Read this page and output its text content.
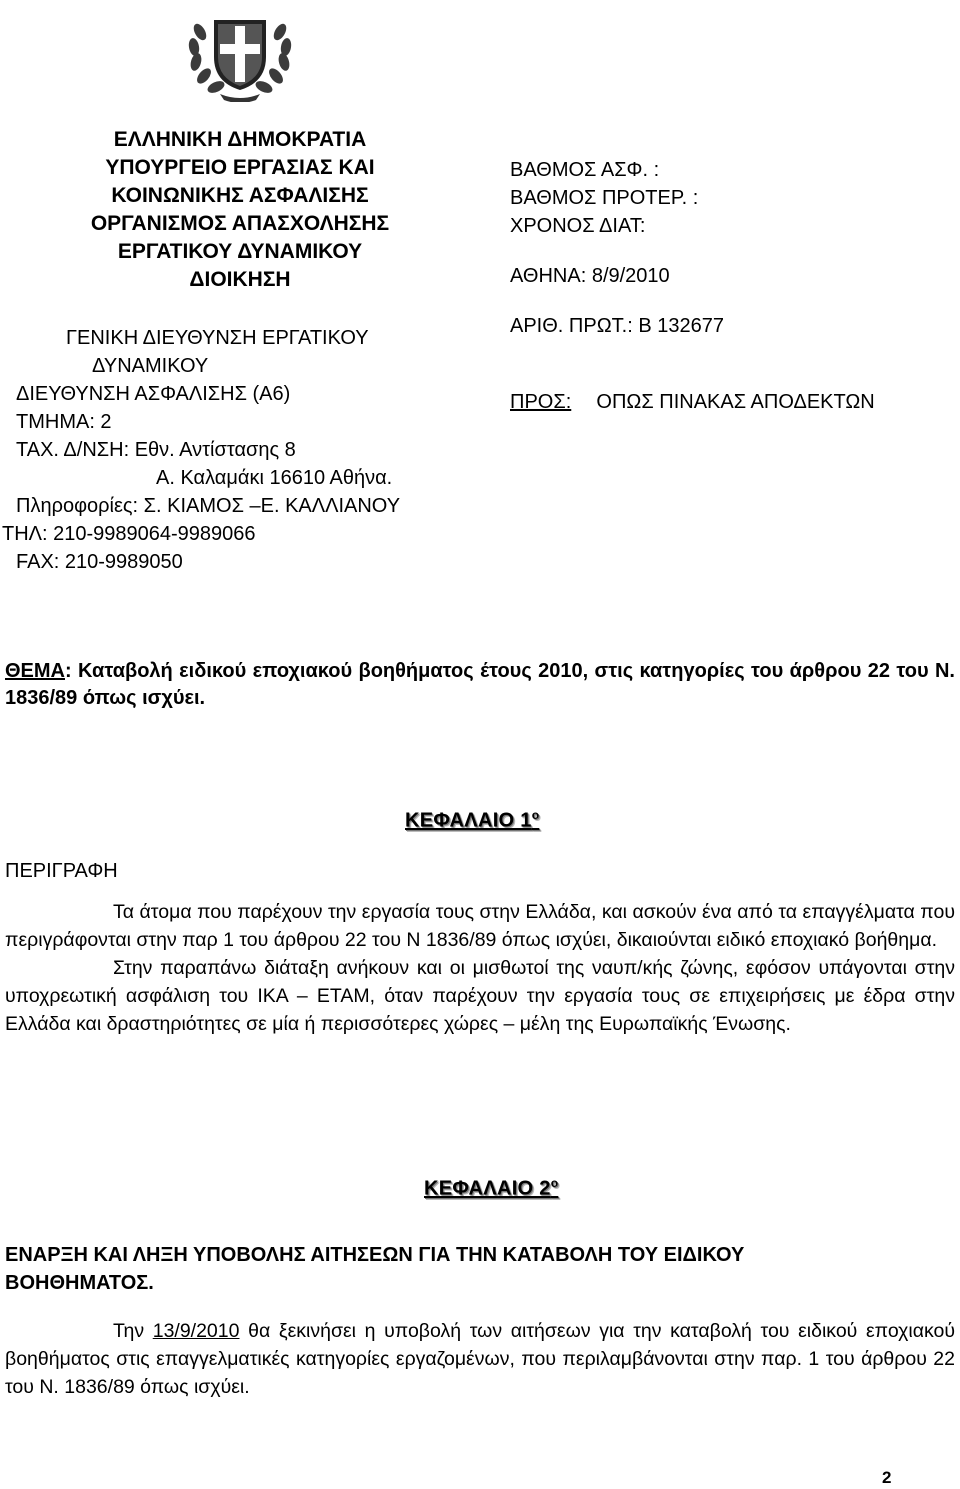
ΕΛΛΗΝΙΚΗ ΔΗΜΟΚΡΑΤΙΑ
ΥΠΟΥΡΓΕΙΟ ΕΡΓΑΣΙΑΣ ΚΑΙ
ΚΟΙΝΩΝΙΚΗΣ ΑΣΦΑΛΙΣΗΣ
ΟΡΓΑΝΙΣΜΟΣ ΑΠΑΣΧΟΛΗΣΗΣ
ΕΡΓΑΤΙΚΟΥ ΔΥΝΑΜΙΚΟΥ
ΔΙΟΙΚΗΣΗ
ΓΕΝΙΚΗ ΔΙΕΥΘΥΝΣΗ ΕΡΓΑΤΙΚΟΥ
ΔΥΝΑΜΙΚΟΥ
ΔΙΕΥΘΥΝΣΗ ΑΣΦΑΛΙΣΗΣ (Α6)
ΤΜΗΜΑ: 2
ΤΑΧ. Δ/ΝΣΗ: Εθν. Αντίστασης 8
Α. Καλαμάκι 16610 Αθήνα.
Πληροφορίες: Σ. ΚΙΑΜΟΣ –Ε. ΚΑΛΛΙΑΝΟΥ
ΤΗΛ: 210-9989064-9989066
FAX: 210-9989050
ΒΑΘΜΟΣ ΑΣΦ. :
ΒΑΘΜΟΣ ΠΡΟΤΕΡ. :
ΧΡΟΝΟΣ ΔΙΑΤ:
ΑΘΗΝΑ: 8/9/2010
ΑΡΙΘ. ΠΡΩΤ.: Β 132677
ΠΡΟΣ: ΟΠΩΣ ΠΙΝΑΚΑΣ ΑΠΟΔΕΚΤΩΝ
ΘΕΜΑ: Καταβολή ειδικού εποχιακού βοηθήματος έτους 2010, στις κατηγορίες του άρθρου 22 του Ν. 1836/89 όπως ισχύει.
ΚΕΦΑΛΑΙΟ $1^o$
ΠΕΡΙΓΡΑΦΗ

Τα άτομα που παρέχουν την εργασία τους στην Ελλάδα, και ασκούν ένα από τα επαγγέλματα που περιγράφονται στην παρ 1 του άρθρου 22 του Ν 1836/89 όπως ισχύει, δικαιούνται ειδικό εποχιακό βοήθημα.

Στην παραπάνω διάταξη ανήκουν και οι μισθωτοί της ναυπ/κής ζώνης, εφόσον υπάγονται στην υποχρεωτική ασφάλιση του ΙΚΑ – ΕΤΑΜ, όταν παρέχουν την εργασία τους σε επιχειρήσεις με έδρα στην Ελλάδα και δραστηριότητες σε μία ή περισσότερες χώρες – μέλη της Ευρωπαϊκής Ένωσης.

ΚΕΦΑΛΑΙΟ $2^o$
ΕΝΑΡΞΗ ΚΑΙ ΛΗΞΗ ΥΠΟΒΟΛΗΣ ΑΙΤΗΣΕΩΝ ΓΙΑ ΤΗΝ ΚΑΤΑΒΟΛΗ ΤΟΥ ΕΙΔΙΚΟΥ ΒΟΗΘΗΜΑΤΟΣ.

Την 13/9/2010 θα ξεκινήσει η υποβολή των αιτήσεων για την καταβολή του ειδικού εποχιακού βοηθήματος στις επαγγελματικές κατηγορίες εργαζομένων, που περιλαμβάνονται στην παρ. 1 του άρθρου 22 του Ν. 1836/89 όπως ισχύει.

2
